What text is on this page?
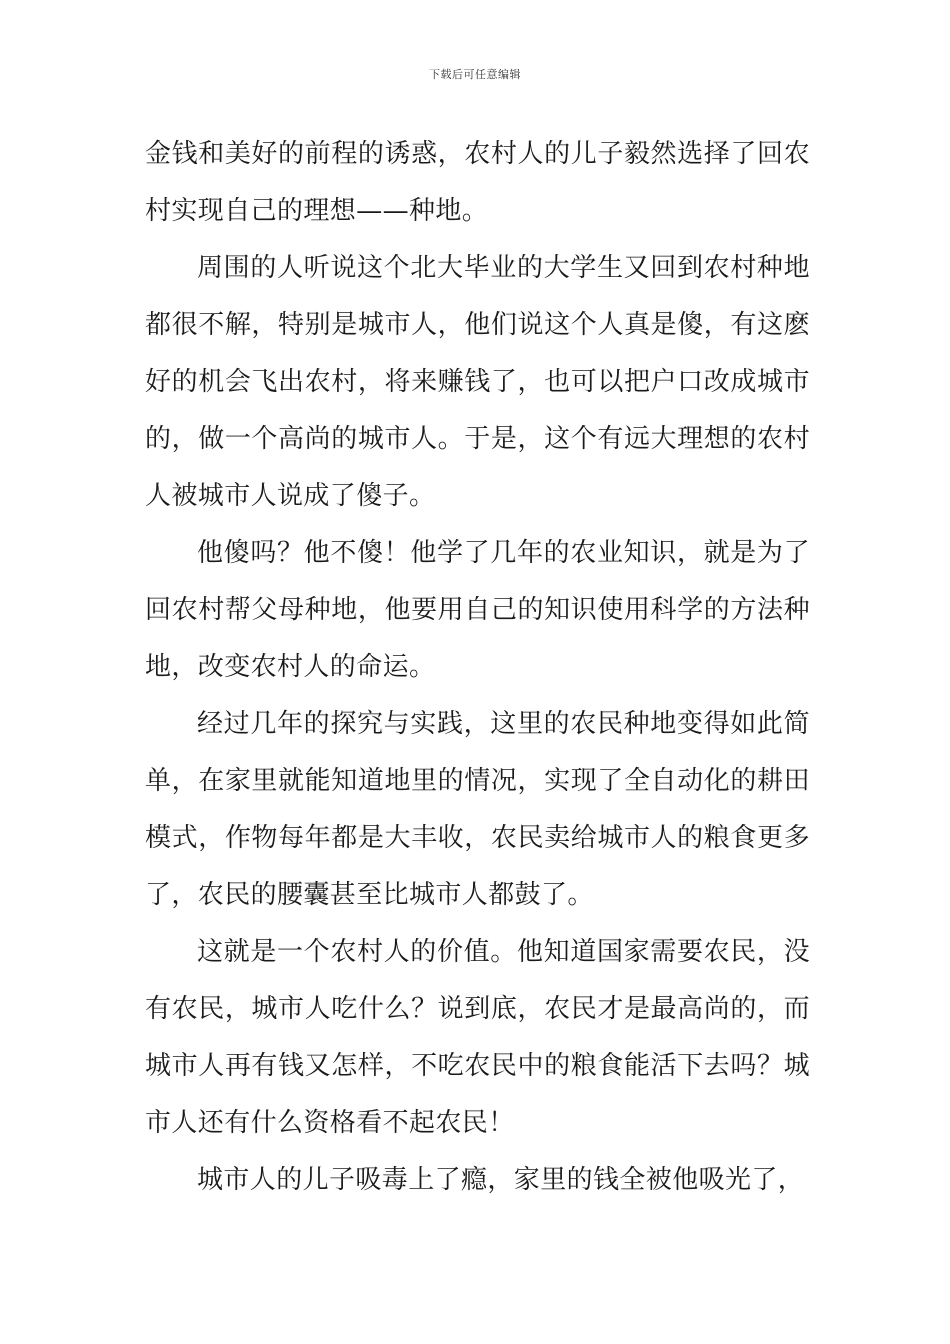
下载后可任意编辑

金钱和美好的前程的诱惑，农村人的儿子毅然选择了回农村实现自己的理想——种地。

周围的人听说这个北大毕业的大学生又回到农村种地都很不解，特别是城市人，他们说这个人真是傻，有这麽好的机会飞出农村，将来赚钱了，也可以把户口改成城市的，做一个高尚的城市人。于是，这个有远大理想的农村人被城市人说成了傻子。

他傻吗？他不傻！他学了几年的农业知识，就是为了回农村帮父母种地，他要用自己的知识使用科学的方法种地，改变农村人的命运。

经过几年的探究与实践，这里的农民种地变得如此简单，在家里就能知道地里的情况，实现了全自动化的耕田模式，作物每年都是大丰收，农民卖给城市人的粮食更多了，农民的腰囊甚至比城市人都鼓了。

这就是一个农村人的价值。他知道国家需要农民，没有农民，城市人吃什么？说到底，农民才是最高尚的，而城市人再有钱又怎样，不吃农民中的粮食能活下去吗？城市人还有什么资格看不起农民！

城市人的儿子吸毒上了瘾，家里的钱全被他吸光了，
